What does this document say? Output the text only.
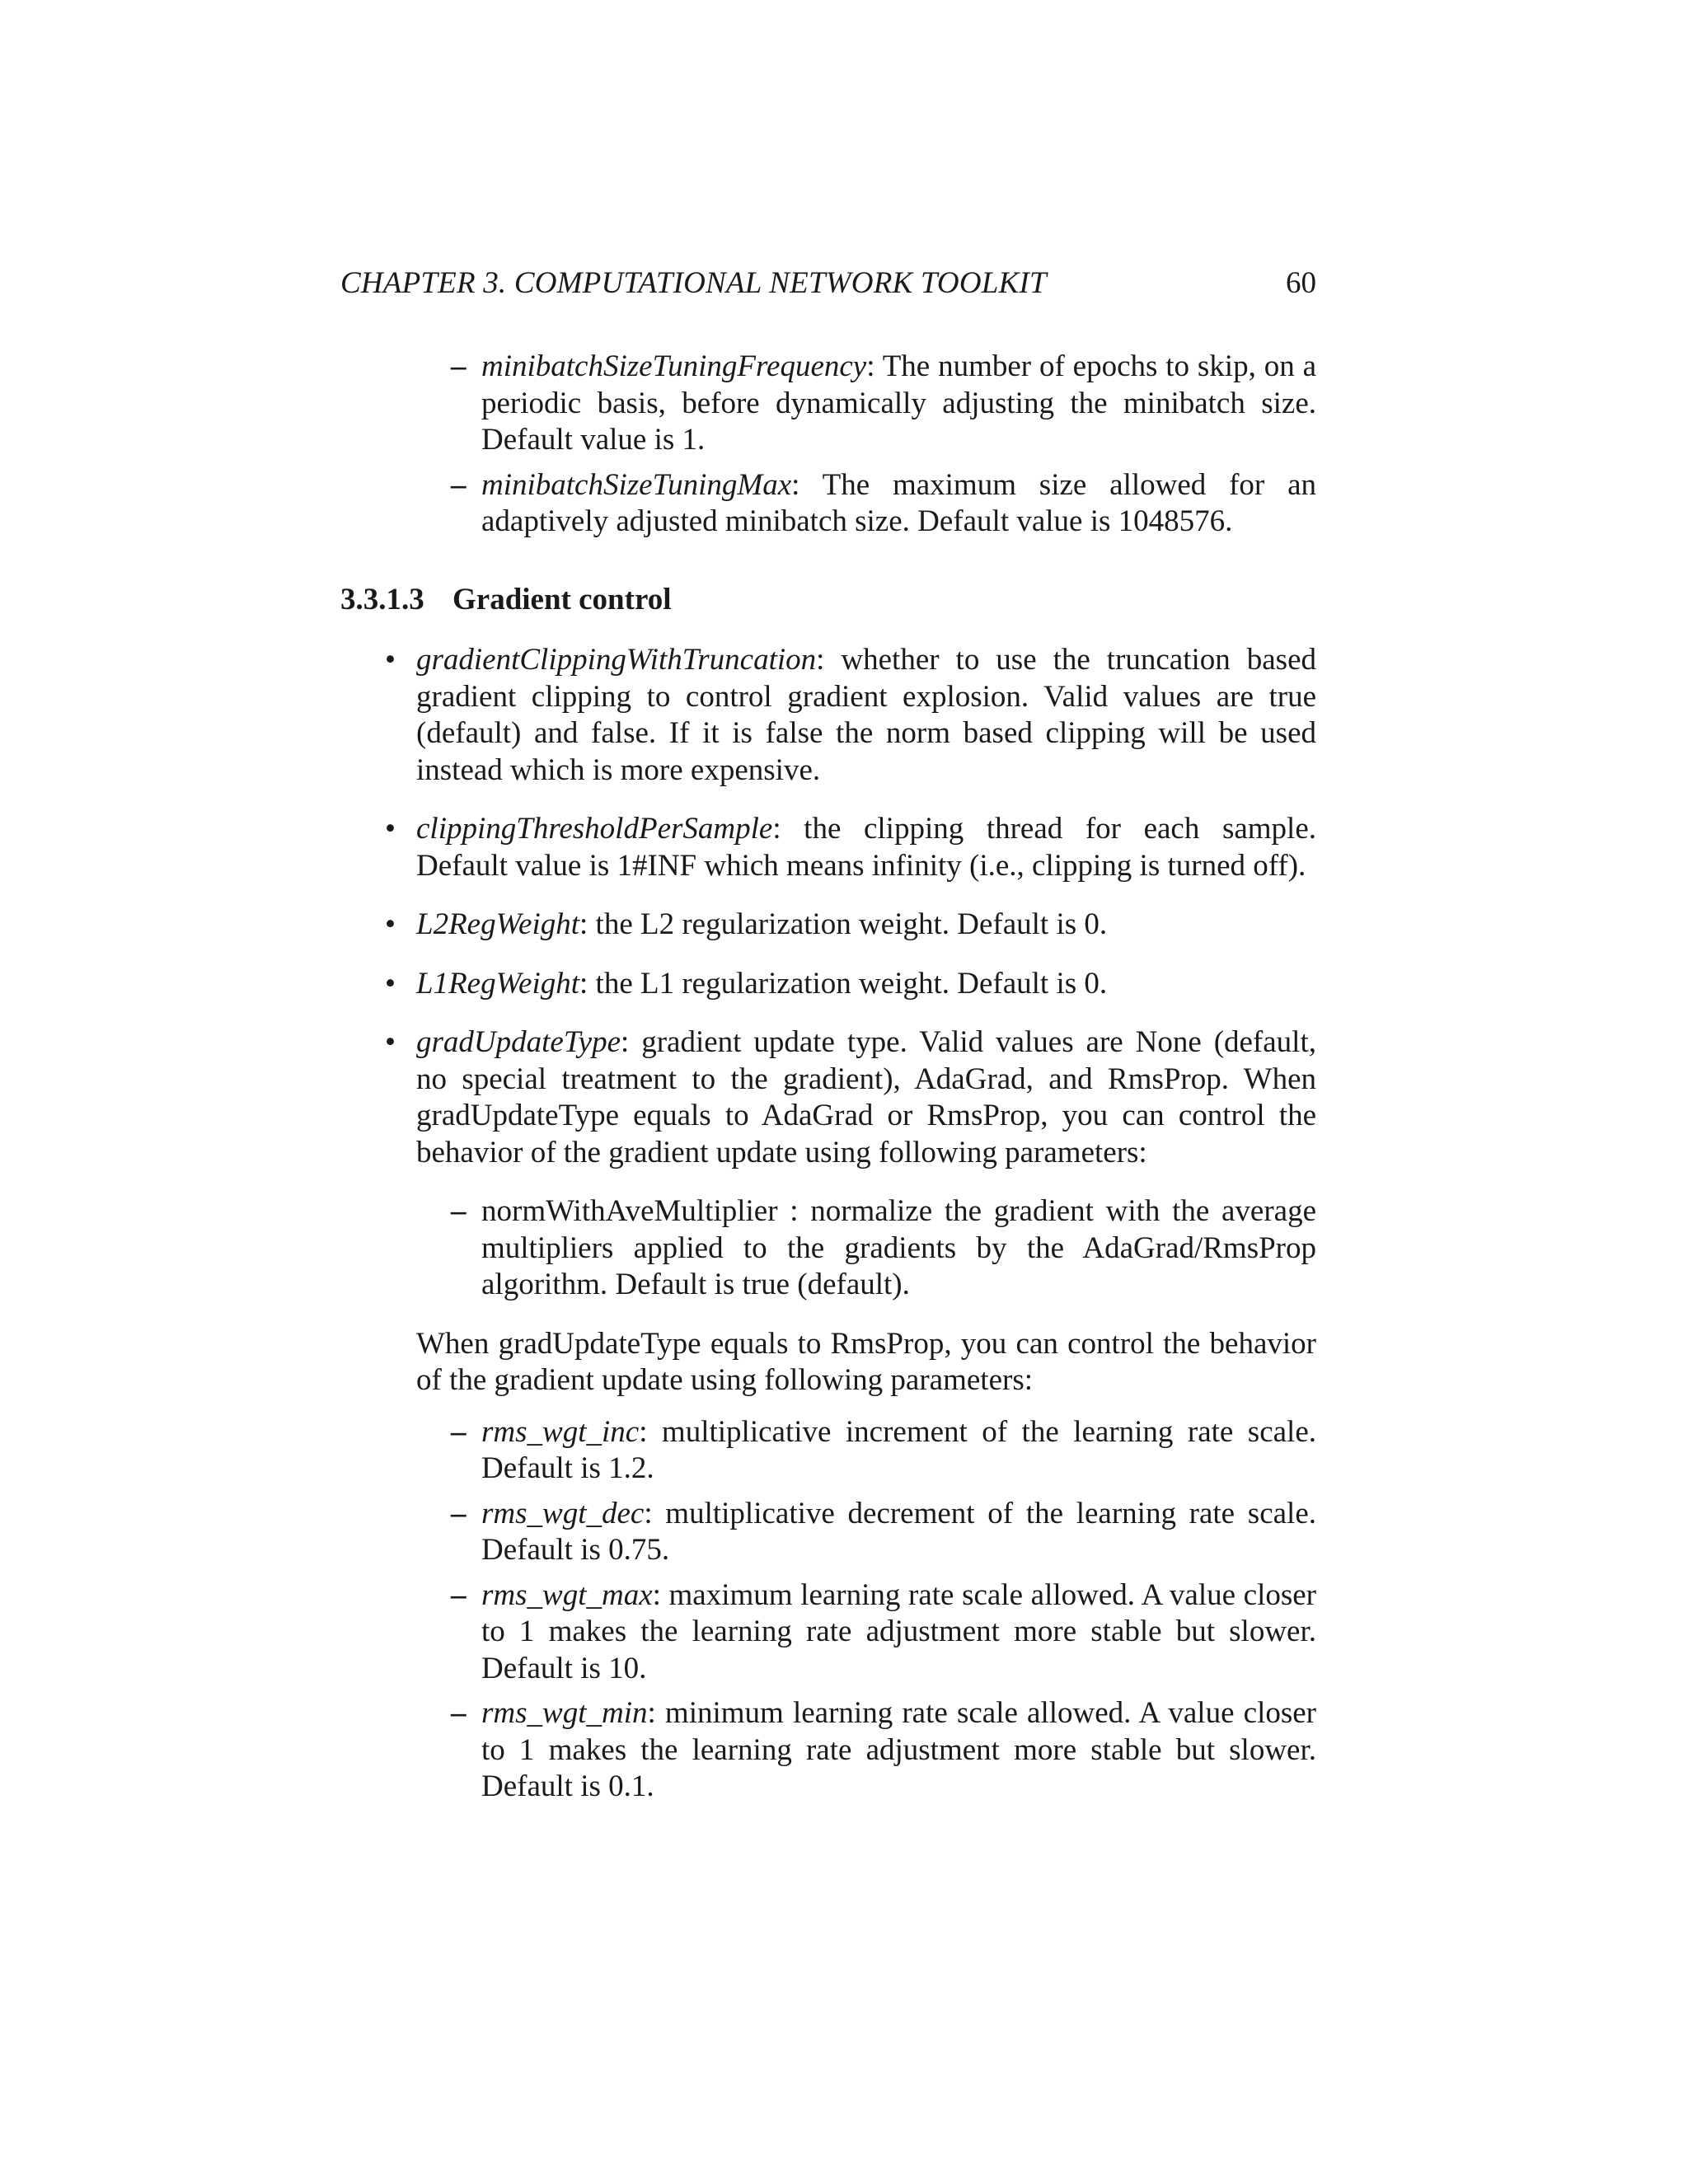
CHAPTER 3. COMPUTATIONAL NETWORK TOOLKIT	60
– minibatchSizeTuningFrequency: The number of epochs to skip, on a periodic basis, before dynamically adjusting the minibatch size. Default value is 1.
– minibatchSizeTuningMax: The maximum size allowed for an adaptively adjusted minibatch size. Default value is 1048576.
3.3.1.3 Gradient control
• gradientClippingWithTruncation: whether to use the truncation based gradient clipping to control gradient explosion. Valid values are true (default) and false. If it is false the norm based clipping will be used instead which is more expensive.
• clippingThresholdPerSample: the clipping thread for each sample. Default value is 1#INF which means infinity (i.e., clipping is turned off).
• L2RegWeight: the L2 regularization weight. Default is 0.
• L1RegWeight: the L1 regularization weight. Default is 0.
• gradUpdateType: gradient update type. Valid values are None (default, no special treatment to the gradient), AdaGrad, and RmsProp. When gradUpdateType equals to AdaGrad or RmsProp, you can control the behavior of the gradient update using following parameters:
– normWithAveMultiplier : normalize the gradient with the average multipliers applied to the gradients by the AdaGrad/RmsProp algorithm. Default is true (default).
When gradUpdateType equals to RmsProp, you can control the behavior of the gradient update using following parameters:
– rms_wgt_inc: multiplicative increment of the learning rate scale. Default is 1.2.
– rms_wgt_dec: multiplicative decrement of the learning rate scale. Default is 0.75.
– rms_wgt_max: maximum learning rate scale allowed. A value closer to 1 makes the learning rate adjustment more stable but slower. Default is 10.
– rms_wgt_min: minimum learning rate scale allowed. A value closer to 1 makes the learning rate adjustment more stable but slower. Default is 0.1.
